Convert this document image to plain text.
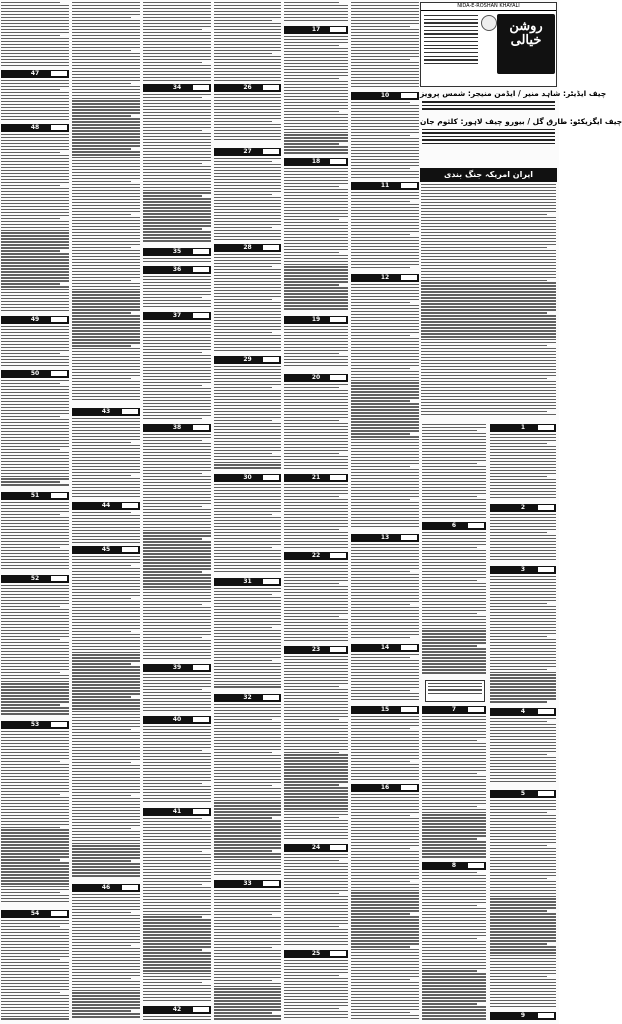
47
48
49
50
51
52
53
54
43
44
45
46
34
35
36
37
38
39
40
41
42
26
27
28
29
30
31
32
33
17
18
19
20
21
22
23
24
25
10
11
12
13
14
15
16
NIDA-E-ROSHAN KHAYALI
روشن خیالی
چیف ایڈیٹر: شاہد منیر / ایڈمن منیجر: شمس پرویز
چیف ایگزیکٹو: طارق گل / بیورو چیف لاہور: کلثوم جان
ایران امریکہ جنگ بندی
6
7
8
1
2
3
4
5
9
